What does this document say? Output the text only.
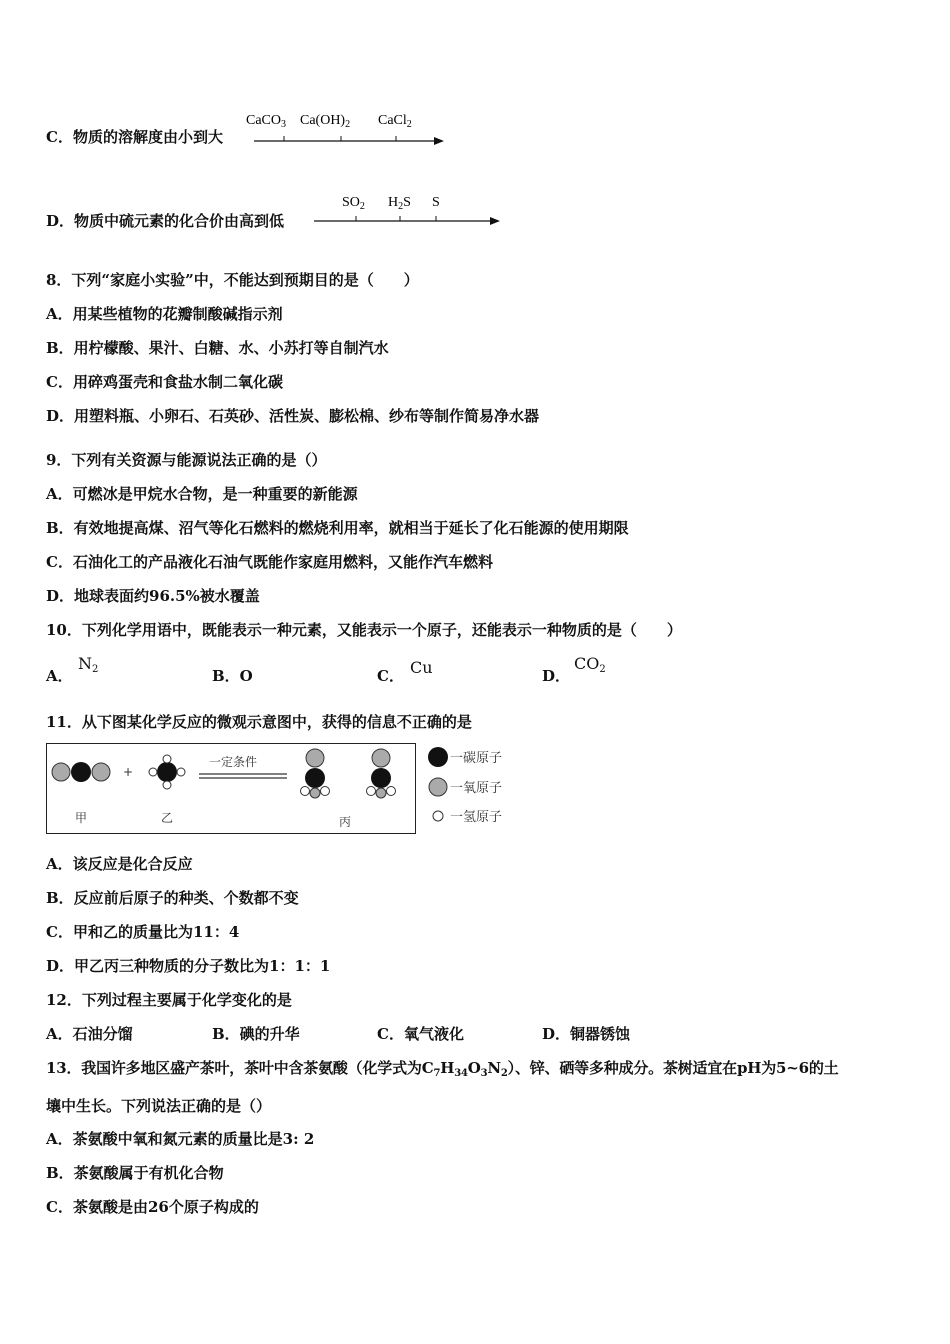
C．物质的溶解度由小到大
CaCO$_3$ $Ca(OH)_2$ CaCl$_2$
D．物质中硫元素的化合价由高到低
$SO_2$ $H_2S$ S
8．下列“家庭小实验”中，不能达到预期目的是（　　）
A．用某些植物的花瓣制酸碱指示剂
B．用柠檬酸、果汁、白糖、水、小苏打等自制汽水
C．用碎鸡蛋壳和食盐水制二氧化碳
D．用塑料瓶、小卵石、石英砂、活性炭、膨松棉、纱布等制作简易净水器
9．下列有关资源与能源说法正确的是（）
A．可燃冰是甲烷水合物，是一种重要的新能源
B．有效地提高煤、沼气等化石燃料的燃烧利用率，就相当于延长了化石能源的使用期限
C．石油化工的产品液化石油气既能作家庭用燃料，又能作汽车燃料
D．地球表面约96.5%被水覆盖
10．下列化学用语中，既能表示一种元素，又能表示一个原子，还能表示一种物质的是（　　）
A．
$N_2$	B．O	C． Cu	D．
$CO_2$
11．从下图某化学反应的微观示意图中，获得的信息不正确的是
+
一定条件
甲	乙	丙
一碳原子
一氧原子
一氢原子
A．该反应是化合反应
B．反应前后原子的种类、个数都不变
C．甲和乙的质量比为11：4
D．甲乙丙三种物质的分子数比为1：1：1
12．下列过程主要属于化学变化的是
A．石油分馏	B．碘的升华	C．氧气液化	D．铜器锈蚀
13．我国许多地区盛产茶叶，茶叶中含茶氨酸（化学式为$C_7H_{34}O_3N_2$）、锌、硒等多种成分。茶树适宜在pH为5~6的土
壤中生长。下列说法正确的是（）
A．茶氨酸中氧和氮元素的质量比是3: 2
B．茶氨酸属于有机化合物
C．茶氨酸是由26个原子构成的
